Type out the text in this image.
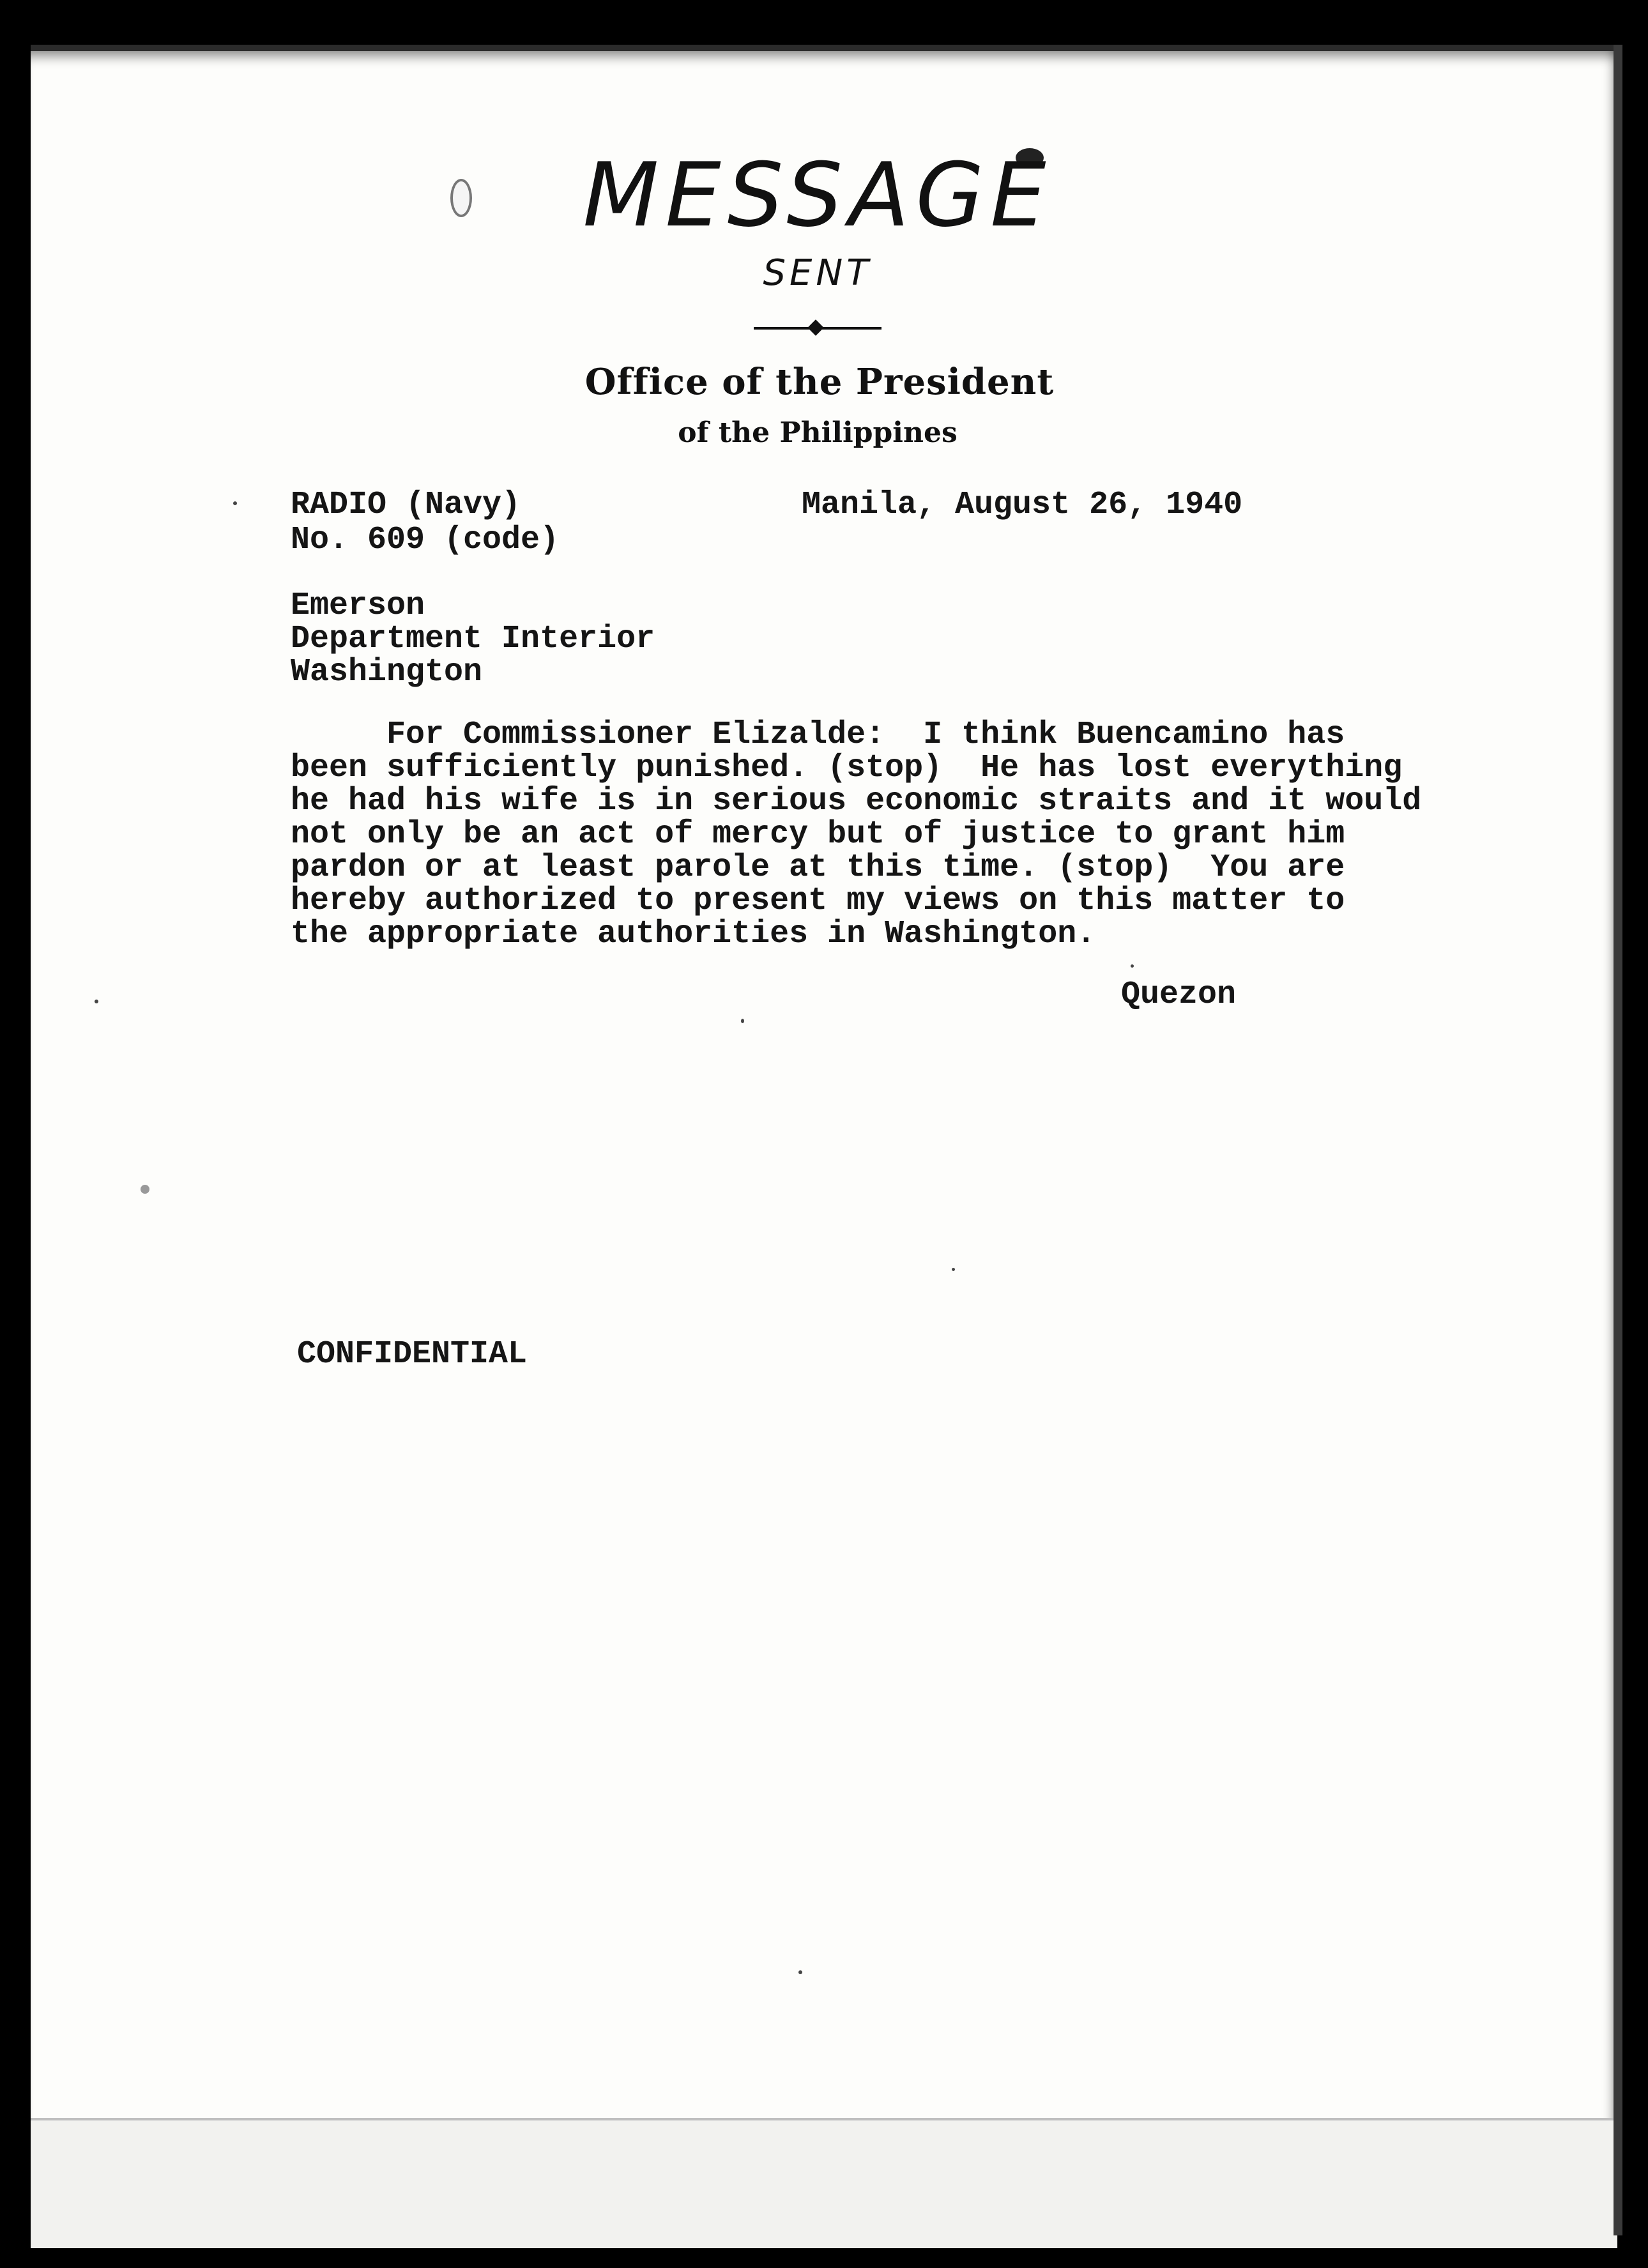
MESSAGE
SENT
Office of the President
of the Philippines
RADIO (Navy)
No. 609 (code)
Manila, August 26, 1940
Emerson
Department Interior
Washington
For Commissioner Elizalde:  I think Buencamino has
been sufficiently punished. (stop)  He has lost everything
he had his wife is in serious economic straits and it would
not only be an act of mercy but of justice to grant him
pardon or at least parole at this time. (stop)  You are
hereby authorized to present my views on this matter to
the appropriate authorities in Washington.
Quezon
CONFIDENTIAL
